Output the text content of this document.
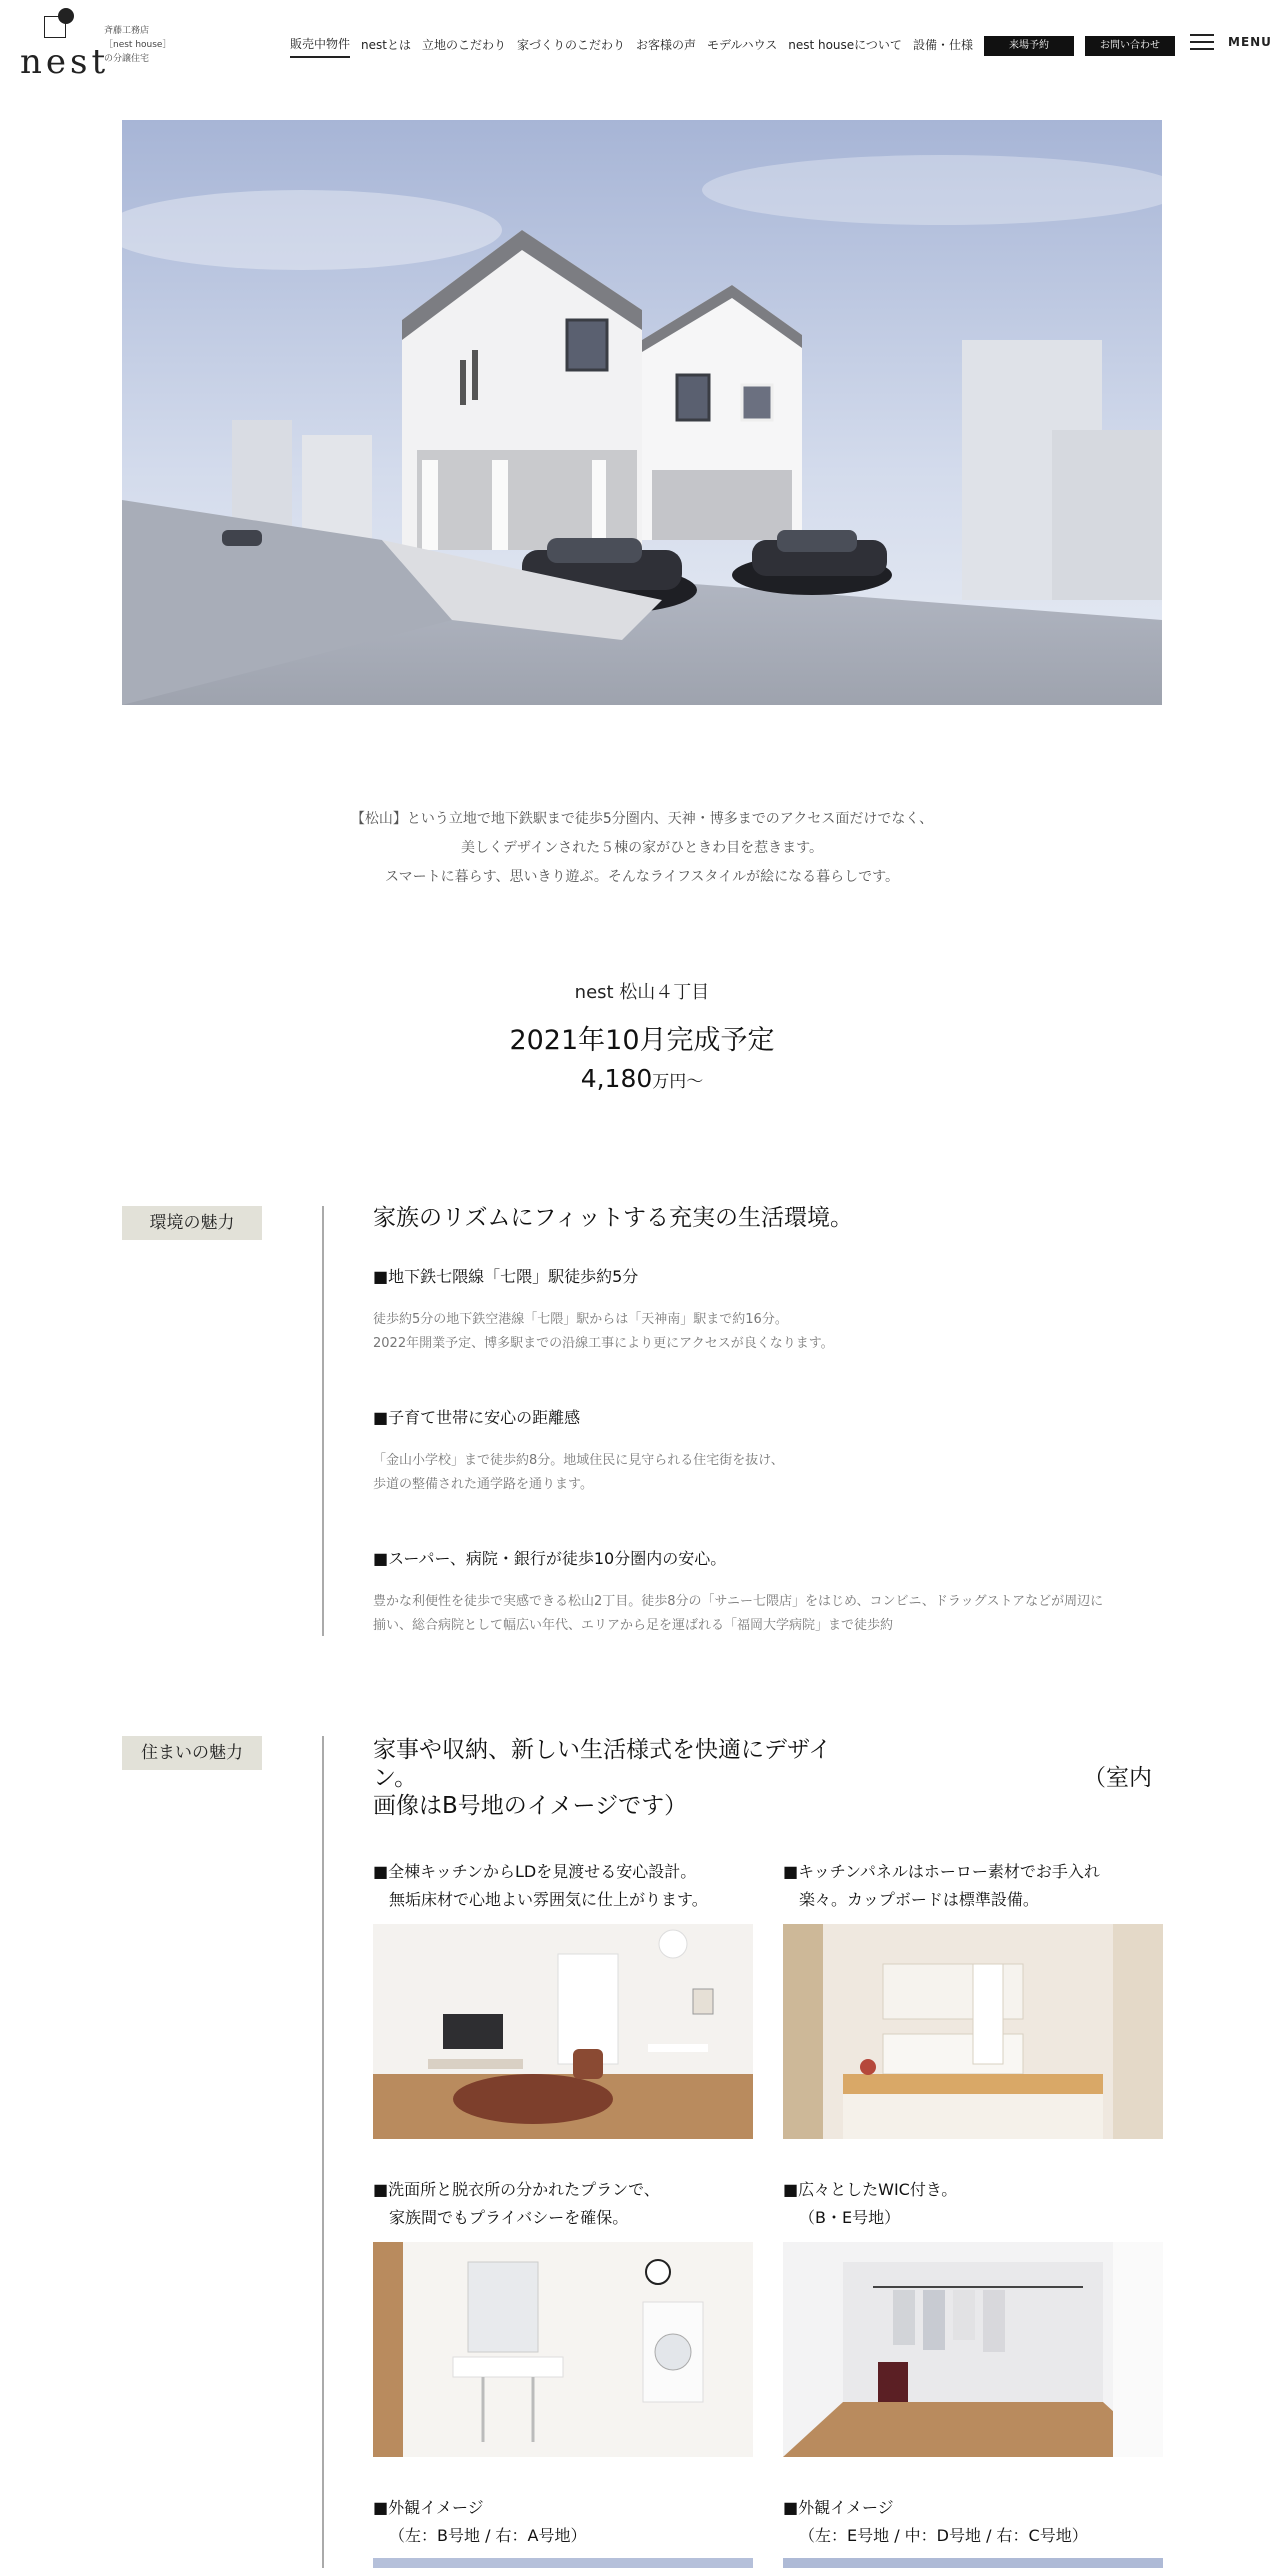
nest
斉藤工務店
［nest house］
の分譲住宅
販売中物件 nestとは 立地のこだわり 家づくりのこだわり お客様の声 モデルハウス nest houseについて 設備・仕様	来場予約	お問い合わせ	MENU
【松山】という立地で地下鉄駅まで徒歩5分圏内、天神・博多までのアクセス面だけでなく、
美しくデザインされた５棟の家がひときわ目を惹きます。
スマートに暮らす、思いきり遊ぶ。そんなライフスタイルが絵になる暮らしです。
nest 松山４丁目
2021年10月完成予定
4,180万円～
環境の魅力	家族のリズムにフィットする充実の生活環境。
■地下鉄七隈線「七隈」駅徒歩約5分
徒歩約5分の地下鉄空港線「七隈」駅からは「天神南」駅まで約16分。
2022年開業予定、博多駅までの沿線工事により更にアクセスが良くなります。
■子育て世帯に安心の距離感
「金山小学校」まで徒歩約8分。地域住民に見守られる住宅街を抜け、
歩道の整備された通学路を通ります。
■スーパー、病院・銀行が徒歩10分圏内の安心。
豊かな利便性を徒歩で実感できる松山2丁目。徒歩8分の「サニー七隈店」をはじめ、コンビニ、ドラッグストアなどが周辺に
揃い、総合病院として幅広い年代、エリアから足を運ばれる「福岡大学病院」まで徒歩約
住まいの魅力	家事や収納、新しい生活様式を快適にデザイ
ン。	（室内
画像はB号地のイメージです）
■全棟キッチンからLDを見渡せる安心設計。
無垢床材で心地よい雰囲気に仕上がります。
■キッチンパネルはホーロー素材でお手入れ
楽々。カップボードは標準設備。
■洗面所と脱衣所の分かれたプランで、
家族間でもプライバシーを確保。
■広々としたWIC付き。
（B・E号地）
■外観イメージ
（左：B号地 / 右：A号地）
■外観イメージ
（左：E号地 / 中：D号地 / 右：C号地）
